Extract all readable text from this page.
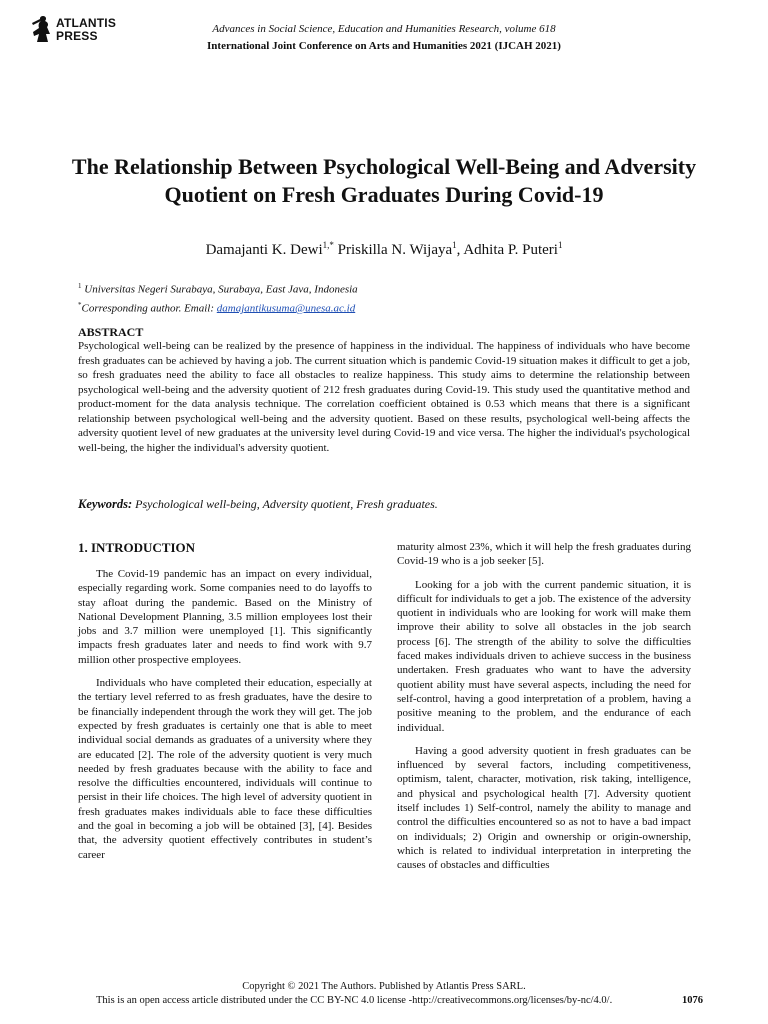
ATLANTIS PRESS	Advances in Social Science, Education and Humanities Research, volume 618
International Joint Conference on Arts and Humanities 2021 (IJCAH 2021)
The Relationship Between Psychological Well-Being and Adversity Quotient on Fresh Graduates During Covid-19
Damajanti K. Dewi$^{1,*}$ Priskilla N. Wijaya$^1$, Adhita P. Puteri$^1$
$^1$ Universitas Negeri Surabaya, Surabaya, East Java, Indonesia
*Corresponding author. Email: damajantikusuma@unesa.ac.id
ABSTRACT

Psychological well-being can be realized by the presence of happiness in the individual. The happiness of individuals who have become fresh graduates can be achieved by having a job. The current situation which is pandemic Covid-19 situation makes it difficult to get a job, so fresh graduates need the ability to face all obstacles to realize happiness. This study aims to determine the relationship between psychological well-being and the adversity quotient of 212 fresh graduates during Covid-19. This study used the quantitative method and product-moment for the data analysis technique. The correlation coefficient obtained is 0.53 which means that there is a significant relationship between psychological well-being and the adversity quotient. Based on these results, psychological well-being affects the adversity quotient level of new graduates at the university level during Covid-19 and vice versa. The higher the individual's psychological well-being, the higher the individual's adversity quotient.

Keywords: Psychological well-being, Adversity quotient, Fresh graduates.
1. INTRODUCTION

The Covid-19 pandemic has an impact on every individual, especially regarding work. Some companies need to do layoffs to stay afloat during the pandemic. Based on the Ministry of National Development Planning, 3.5 million employees lost their jobs and 3.7 million were unemployed [1]. This significantly impacts fresh graduates later and needs to find work with 9.7 million other prospective employees.

Individuals who have completed their education, especially at the tertiary level referred to as fresh graduates, have the desire to be financially independent through the work they will get. The job expected by fresh graduates is certainly one that is able to meet individual social demands as graduates of a university where they are educated [2]. The role of the adversity quotient is very much needed by fresh graduates because with the ability to face and resolve the difficulties encountered, individuals will continue to persist in their life choices. The high level of adversity quotient in fresh graduates makes individuals able to face these difficulties and the goal in becoming a job will be obtained [3], [4]. Besides that, the adversity quotient effectively contributes in student’s career

maturity almost 23%, which it will help the fresh graduates during Covid-19 who is a job seeker [5].

Looking for a job with the current pandemic situation, it is difficult for individuals to get a job. The existence of the adversity quotient in individuals who are looking for work will make them improve their ability to solve all obstacles in the job search process [6]. The strength of the ability to solve the difficulties faced makes individuals driven to achieve success in the business undertaken. Fresh graduates who want to have the adversity quotient ability must have several aspects, including the need for self-control, having a good interpretation of a problem, having a positive meaning to the problem, and the endurance of each individual.

Having a good adversity quotient in fresh graduates can be influenced by several factors, including competitiveness, optimism, talent, character, motivation, risk taking, intelligence, and physical and psychological health [7]. Adversity quotient itself includes 1) Self-control, namely the ability to manage and control the difficulties encountered so as not to have a bad impact on individuals; 2) Origin and ownership or origin-ownership, which is related to individual interpretation in interpreting the causes of obstacles and difficulties

Copyright © 2021 The Authors. Published by Atlantis Press SARL.
This is an open access article distributed under the CC BY-NC 4.0 license -http://creativecommons.org/licenses/by-nc/4.0/.	1076
